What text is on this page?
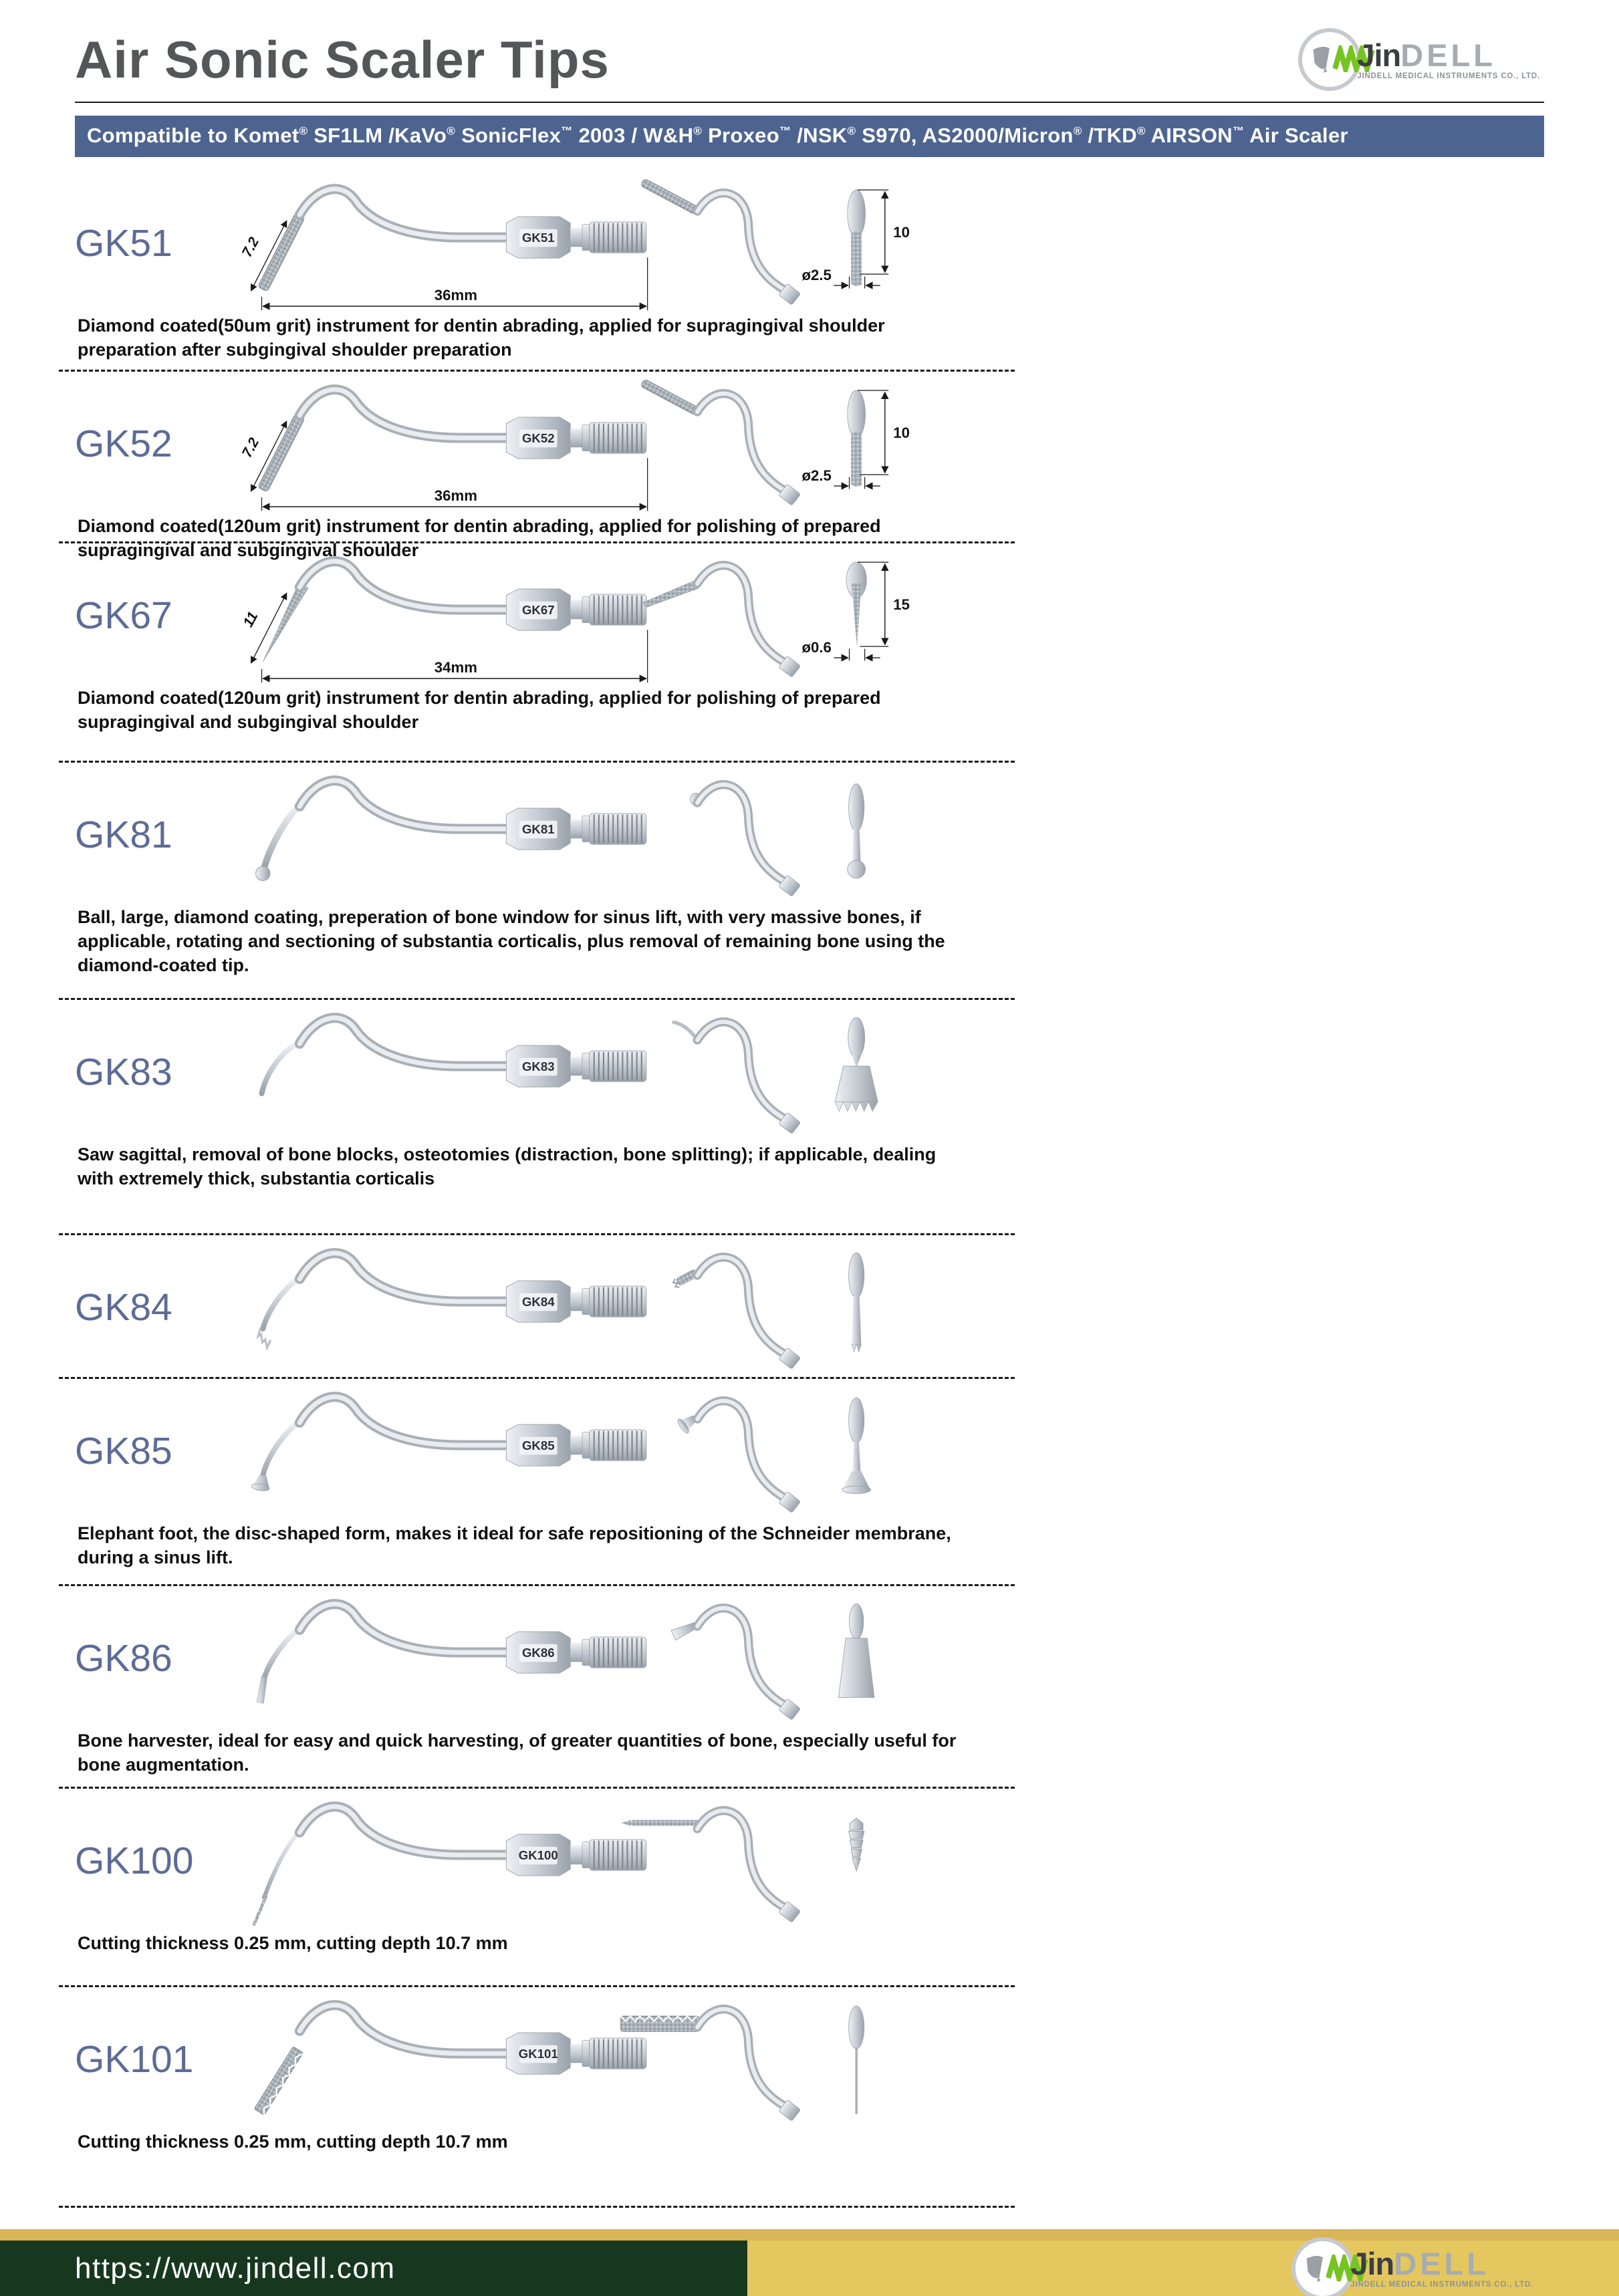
Air Sonic Scaler Tips	JinDELL
JINDELL MEDICAL INSTRUMENTS CO., LTD.
Compatible to Komet® SF1LM /KaVo® SonicFlex™ 2003 / W&H® Proxeo™ /NSK® S970, AS2000/Micron® /TKD® AIRSON™ Air Scaler
GK51	GK51
7.2
36mm
10
ø2.5

Diamond coated(50um grit) instrument for dentin abrading, applied for supragingival shoulder preparation after subgingival shoulder preparation

GK52	GK52
7.2
36mm
10
ø2.5

Diamond coated(120um grit) instrument for dentin abrading, applied for polishing of prepared supragingival and subgingival shoulder

GK67	GK67
11
34mm
15
ø0.6

Diamond coated(120um grit) instrument for dentin abrading, applied for polishing of prepared supragingival and subgingival shoulder

GK81	GK81

Ball, large, diamond coating, preperation of bone window for sinus lift, with very massive bones, if applicable, rotating and sectioning of substantia corticalis, plus removal of remaining bone using the diamond-coated tip.

GK83	GK83

Saw sagittal, removal of bone blocks, osteotomies (distraction, bone splitting); if applicable, dealing with extremely thick, substantia corticalis

GK84	GK84
GK85	GK85

Elephant foot, the disc-shaped form, makes it ideal for safe repositioning of the Schneider membrane, during a sinus lift.

GK86	GK86

Bone harvester, ideal for easy and quick harvesting, of greater quantities of bone, especially useful for bone augmentation.

GK100	GK100

Cutting thickness 0.25 mm, cutting depth 10.7 mm

GK101	GK101

Cutting thickness 0.25 mm, cutting depth 10.7 mm

https://www.jindell.com	JinDELL
JINDELL MEDICAL INSTRUMENTS CO., LTD.
